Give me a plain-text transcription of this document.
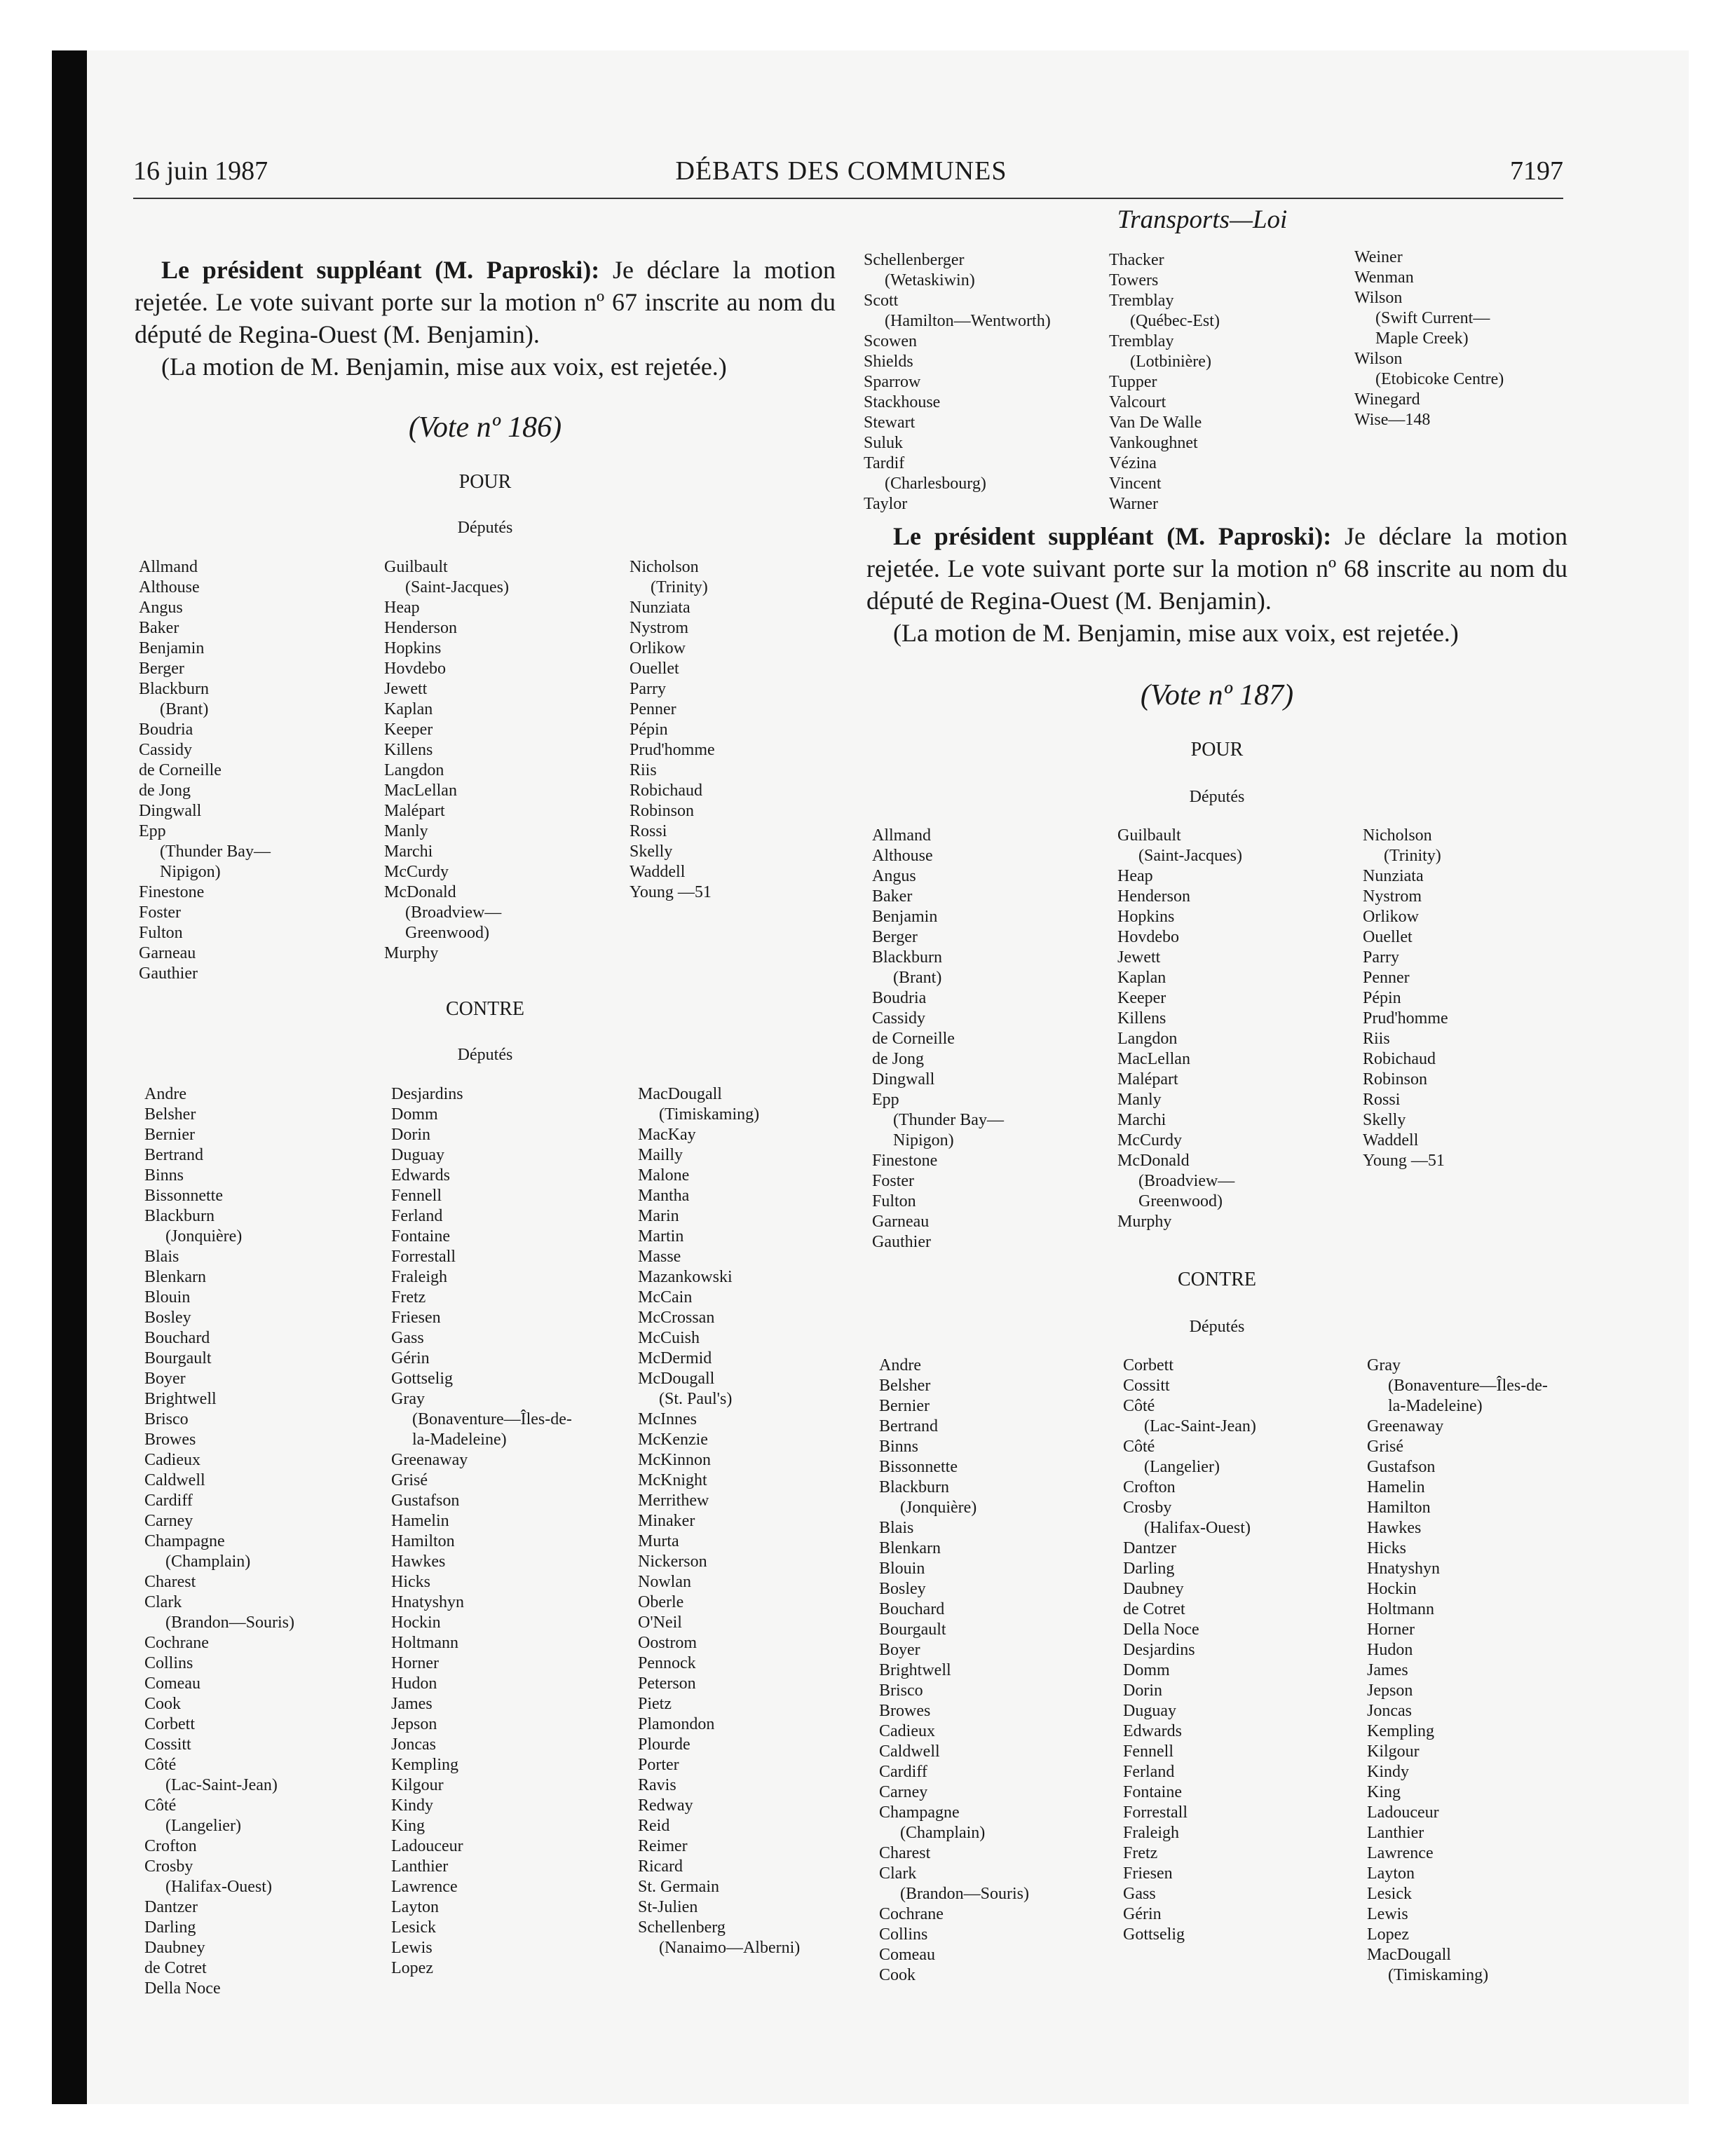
16 juin 1987	DÉBATS DES COMMUNES	7197
Transports—Loi

Le président suppléant (M. Paproski): Je déclare la motion rejetée. Le vote suivant porte sur la motion nº 67 inscrite au nom du député de Regina-Ouest (M. Benjamin).

(La motion de M. Benjamin, mise aux voix, est rejetée.)

(Vote nº 186)
POUR
Députés
Allmand
Althouse
Angus
Baker
Benjamin
Berger
Blackburn
(Brant)
Boudria
Cassidy
de Corneille
de Jong
Dingwall
Epp
(Thunder Bay—
Nipigon)
Finestone
Foster
Fulton
Garneau
Gauthier
Guilbault
(Saint-Jacques)
Heap
Henderson
Hopkins
Hovdebo
Jewett
Kaplan
Keeper
Killens
Langdon
MacLellan
Malépart
Manly
Marchi
McCurdy
McDonald
(Broadview—
Greenwood)
Murphy
Nicholson
(Trinity)
Nunziata
Nystrom
Orlikow
Ouellet
Parry
Penner
Pépin
Prud'homme
Riis
Robichaud
Robinson
Rossi
Skelly
Waddell
Young —51
CONTRE
Députés
Andre
Belsher
Bernier
Bertrand
Binns
Bissonnette
Blackburn
(Jonquière)
Blais
Blenkarn
Blouin
Bosley
Bouchard
Bourgault
Boyer
Brightwell
Brisco
Browes
Cadieux
Caldwell
Cardiff
Carney
Champagne
(Champlain)
Charest
Clark
(Brandon—Souris)
Cochrane
Collins
Comeau
Cook
Corbett
Cossitt
Côté
(Lac-Saint-Jean)
Côté
(Langelier)
Crofton
Crosby
(Halifax-Ouest)
Dantzer
Darling
Daubney
de Cotret
Della Noce
Desjardins
Domm
Dorin
Duguay
Edwards
Fennell
Ferland
Fontaine
Forrestall
Fraleigh
Fretz
Friesen
Gass
Gérin
Gottselig
Gray
(Bonaventure—Îles-de-
la-Madeleine)
Greenaway
Grisé
Gustafson
Hamelin
Hamilton
Hawkes
Hicks
Hnatyshyn
Hockin
Holtmann
Horner
Hudon
James
Jepson
Joncas
Kempling
Kilgour
Kindy
King
Ladouceur
Lanthier
Lawrence
Layton
Lesick
Lewis
Lopez
MacDougall
(Timiskaming)
MacKay
Mailly
Malone
Mantha
Marin
Martin
Masse
Mazankowski
McCain
McCrossan
McCuish
McDermid
McDougall
(St. Paul's)
McInnes
McKenzie
McKinnon
McKnight
Merrithew
Minaker
Murta
Nickerson
Nowlan
Oberle
O'Neil
Oostrom
Pennock
Peterson
Pietz
Plamondon
Plourde
Porter
Ravis
Redway
Reid
Reimer
Ricard
St. Germain
St-Julien
Schellenberg
(Nanaimo—Alberni)
Schellenberger
(Wetaskiwin)
Scott
(Hamilton—Wentworth)
Scowen
Shields
Sparrow
Stackhouse
Stewart
Suluk
Tardif
(Charlesbourg)
Taylor
Thacker
Towers
Tremblay
(Québec-Est)
Tremblay
(Lotbinière)
Tupper
Valcourt
Van De Walle
Vankoughnet
Vézina
Vincent
Warner
Weiner
Wenman
Wilson
(Swift Current—
Maple Creek)
Wilson
(Etobicoke Centre)
Winegard
Wise—148

Le président suppléant (M. Paproski): Je déclare la motion rejetée. Le vote suivant porte sur la motion nº 68 inscrite au nom du député de Regina-Ouest (M. Benjamin).

(La motion de M. Benjamin, mise aux voix, est rejetée.)

(Vote nº 187)
POUR
Députés
Allmand
Althouse
Angus
Baker
Benjamin
Berger
Blackburn
(Brant)
Boudria
Cassidy
de Corneille
de Jong
Dingwall
Epp
(Thunder Bay—
Nipigon)
Finestone
Foster
Fulton
Garneau
Gauthier
Guilbault
(Saint-Jacques)
Heap
Henderson
Hopkins
Hovdebo
Jewett
Kaplan
Keeper
Killens
Langdon
MacLellan
Malépart
Manly
Marchi
McCurdy
McDonald
(Broadview—
Greenwood)
Murphy
Nicholson
(Trinity)
Nunziata
Nystrom
Orlikow
Ouellet
Parry
Penner
Pépin
Prud'homme
Riis
Robichaud
Robinson
Rossi
Skelly
Waddell
Young —51
CONTRE
Députés
Andre
Belsher
Bernier
Bertrand
Binns
Bissonnette
Blackburn
(Jonquière)
Blais
Blenkarn
Blouin
Bosley
Bouchard
Bourgault
Boyer
Brightwell
Brisco
Browes
Cadieux
Caldwell
Cardiff
Carney
Champagne
(Champlain)
Charest
Clark
(Brandon—Souris)
Cochrane
Collins
Comeau
Cook
Corbett
Cossitt
Côté
(Lac-Saint-Jean)
Côté
(Langelier)
Crofton
Crosby
(Halifax-Ouest)
Dantzer
Darling
Daubney
de Cotret
Della Noce
Desjardins
Domm
Dorin
Duguay
Edwards
Fennell
Ferland
Fontaine
Forrestall
Fraleigh
Fretz
Friesen
Gass
Gérin
Gottselig
Gray
(Bonaventure—Îles-de-
la-Madeleine)
Greenaway
Grisé
Gustafson
Hamelin
Hamilton
Hawkes
Hicks
Hnatyshyn
Hockin
Holtmann
Horner
Hudon
James
Jepson
Joncas
Kempling
Kilgour
Kindy
King
Ladouceur
Lanthier
Lawrence
Layton
Lesick
Lewis
Lopez
MacDougall
(Timiskaming)
